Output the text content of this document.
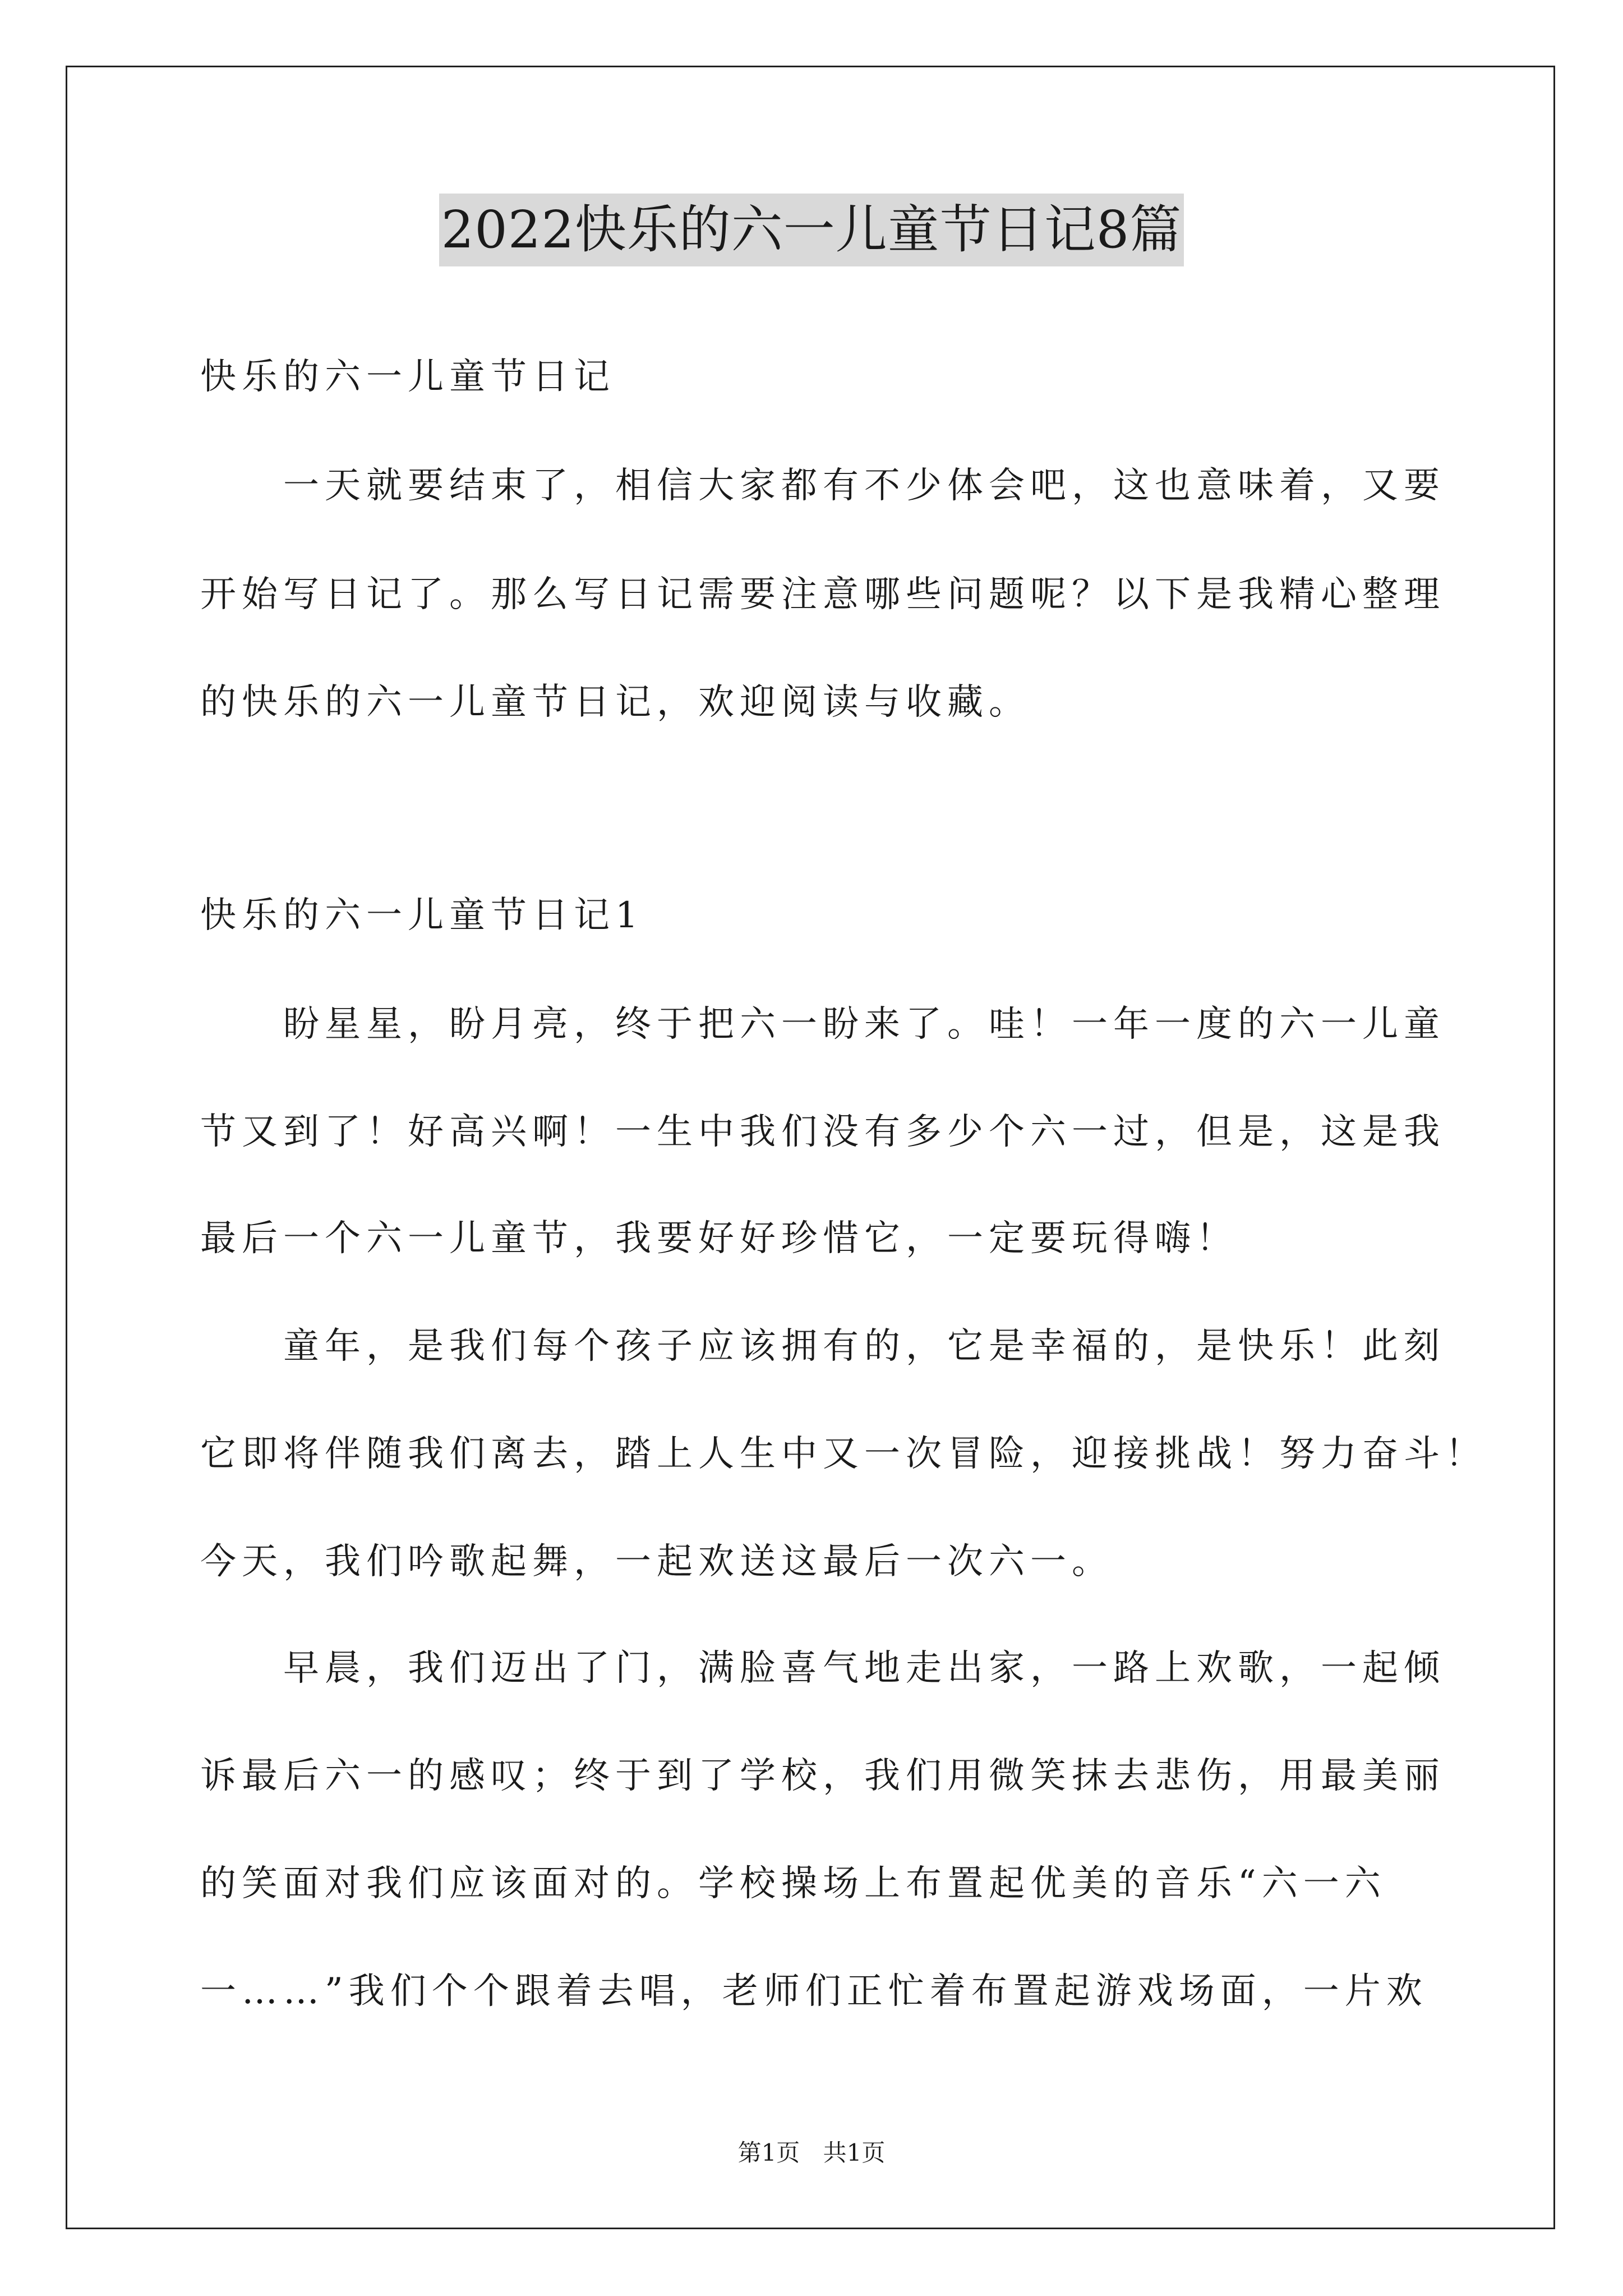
2022快乐的六一儿童节日记8篇
快乐的六一儿童节日记
一天就要结束了，相信大家都有不少体会吧，这也意味着，又要
开始写日记了。那么写日记需要注意哪些问题呢？以下是我精心整理
的快乐的六一儿童节日记，欢迎阅读与收藏。
快乐的六一儿童节日记1
盼星星，盼月亮，终于把六一盼来了。哇！一年一度的六一儿童
节又到了！好高兴啊！一生中我们没有多少个六一过，但是，这是我
最后一个六一儿童节，我要好好珍惜它，一定要玩得嗨！
童年，是我们每个孩子应该拥有的，它是幸福的，是快乐！此刻
它即将伴随我们离去，踏上人生中又一次冒险，迎接挑战！努力奋斗！
今天，我们吟歌起舞，一起欢送这最后一次六一。
早晨，我们迈出了门，满脸喜气地走出家，一路上欢歌，一起倾
诉最后六一的感叹；终于到了学校，我们用微笑抹去悲伤，用最美丽
的笑面对我们应该面对的。学校操场上布置起优美的音乐“六一六
一……”我们个个跟着去唱，老师们正忙着布置起游戏场面，一片欢
第1页 共1页
